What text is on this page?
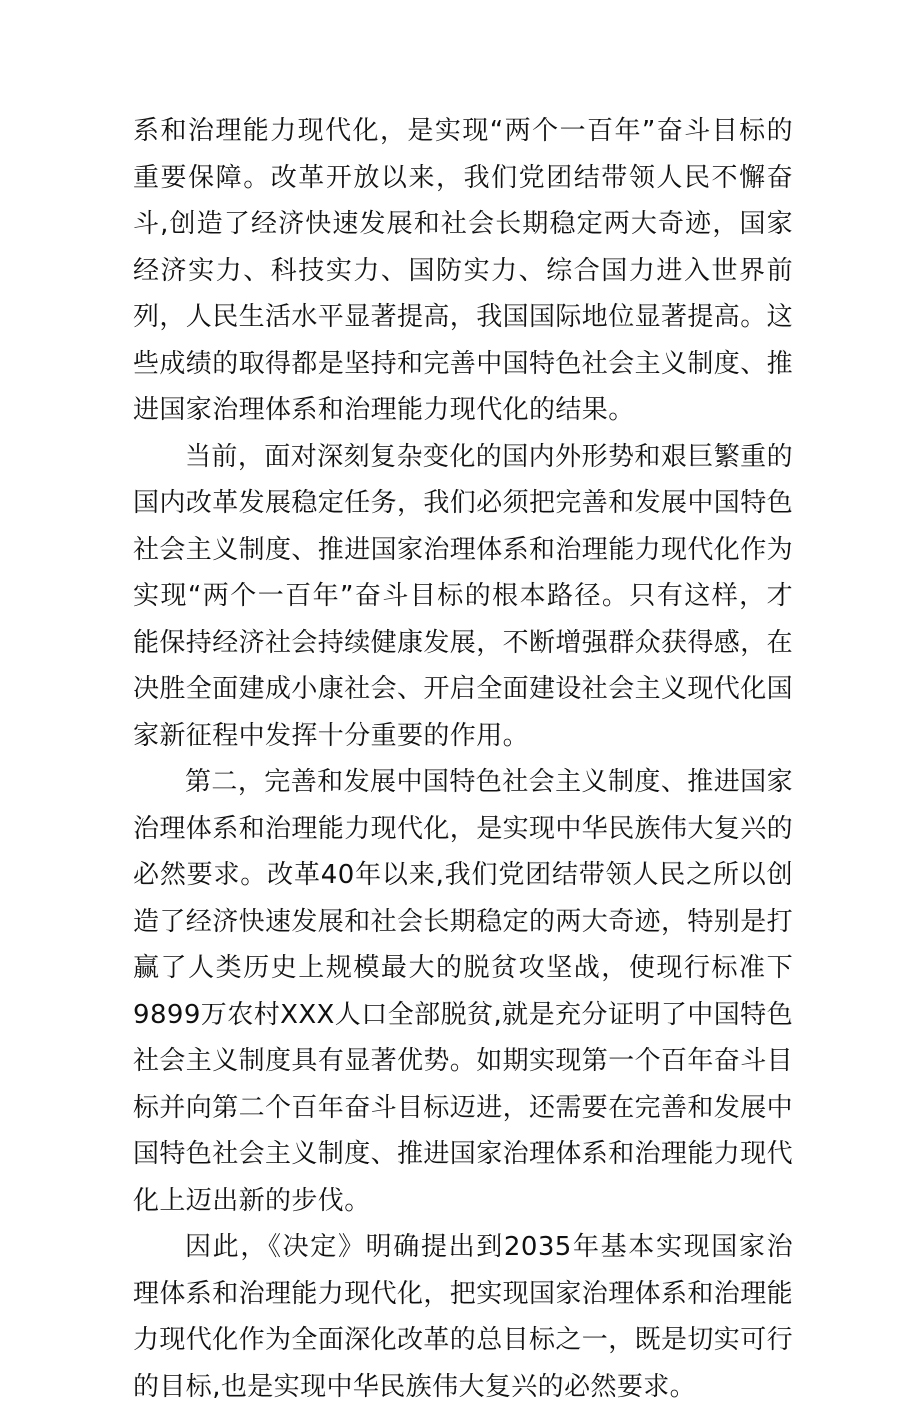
系和治理能力现代化，是实现“两个一百年”奋斗目标的重要保障。改革开放以来，我们党团结带领人民不懈奋斗,创造了经济快速发展和社会长期稳定两大奇迹，国家经济实力、科技实力、国防实力、综合国力进入世界前列，人民生活水平显著提高，我国国际地位显著提高。这些成绩的取得都是坚持和完善中国特色社会主义制度、推进国家治理体系和治理能力现代化的结果。

当前，面对深刻复杂变化的国内外形势和艰巨繁重的国内改革发展稳定任务，我们必须把完善和发展中国特色社会主义制度、推进国家治理体系和治理能力现代化作为实现“两个一百年”奋斗目标的根本路径。只有这样，才能保持经济社会持续健康发展，不断增强群众获得感，在决胜全面建成小康社会、开启全面建设社会主义现代化国家新征程中发挥十分重要的作用。

第二，完善和发展中国特色社会主义制度、推进国家治理体系和治理能力现代化，是实现中华民族伟大复兴的必然要求。改革40年以来,我们党团结带领人民之所以创造了经济快速发展和社会长期稳定的两大奇迹，特别是打赢了人类历史上规模最大的脱贫攻坚战，使现行标准下9899万农村XXX人口全部脱贫,就是充分证明了中国特色社会主义制度具有显著优势。如期实现第一个百年奋斗目标并向第二个百年奋斗目标迈进，还需要在完善和发展中国特色社会主义制度、推进国家治理体系和治理能力现代化上迈出新的步伐。

因此，《决定》明确提出到2035年基本实现国家治理体系和治理能力现代化，把实现国家治理体系和治理能力现代化作为全面深化改革的总目标之一，既是切实可行的目标,也是实现中华民族伟大复兴的必然要求。
